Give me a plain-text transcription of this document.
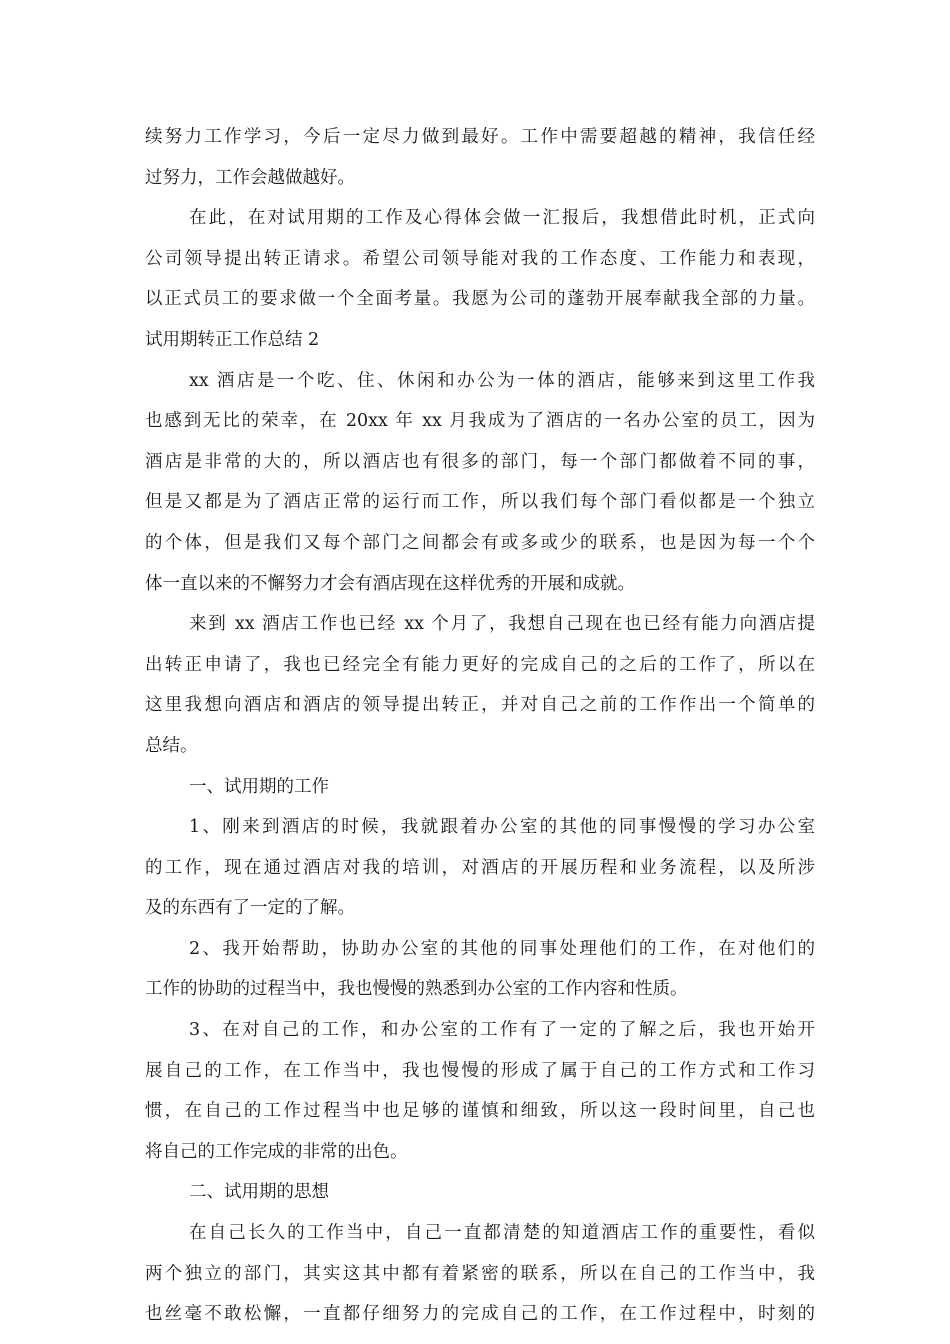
续努力工作学习，今后一定尽力做到最好。工作中需要超越的精神，我信任经
过努力，工作会越做越好。
在此，在对试用期的工作及心得体会做一汇报后，我想借此时机，正式向
公司领导提出转正请求。希望公司领导能对我的工作态度、工作能力和表现，
以正式员工的要求做一个全面考量。我愿为公司的蓬勃开展奉献我全部的力量。
试用期转正工作总结 2
xx 酒店是一个吃、住、休闲和办公为一体的酒店，能够来到这里工作我
也感到无比的荣幸，在 20xx 年 xx 月我成为了酒店的一名办公室的员工，因为
酒店是非常的大的，所以酒店也有很多的部门，每一个部门都做着不同的事，
但是又都是为了酒店正常的运行而工作，所以我们每个部门看似都是一个独立
的个体，但是我们又每个部门之间都会有或多或少的联系，也是因为每一个个
体一直以来的不懈努力才会有酒店现在这样优秀的开展和成就。
来到 xx 酒店工作也已经 xx 个月了，我想自己现在也已经有能力向酒店提
出转正申请了，我也已经完全有能力更好的完成自己的之后的工作了，所以在
这里我想向酒店和酒店的领导提出转正，并对自己之前的工作作出一个简单的
总结。
一、试用期的工作
1、刚来到酒店的时候，我就跟着办公室的其他的同事慢慢的学习办公室
的工作，现在通过酒店对我的培训，对酒店的开展历程和业务流程，以及所涉
及的东西有了一定的了解。
2、我开始帮助，协助办公室的其他的同事处理他们的工作，在对他们的
工作的协助的过程当中，我也慢慢的熟悉到办公室的工作内容和性质。
3、在对自己的工作，和办公室的工作有了一定的了解之后，我也开始开
展自己的工作，在工作当中，我也慢慢的形成了属于自己的工作方式和工作习
惯，在自己的工作过程当中也足够的谨慎和细致，所以这一段时间里，自己也
将自己的工作完成的非常的出色。
二、试用期的思想
在自己长久的工作当中，自己一直都清楚的知道酒店工作的重要性，看似
两个独立的部门，其实这其中都有着紧密的联系，所以在自己的工作当中，我
也丝毫不敢松懈，一直都仔细努力的完成自己的工作，在工作过程中，时刻的
